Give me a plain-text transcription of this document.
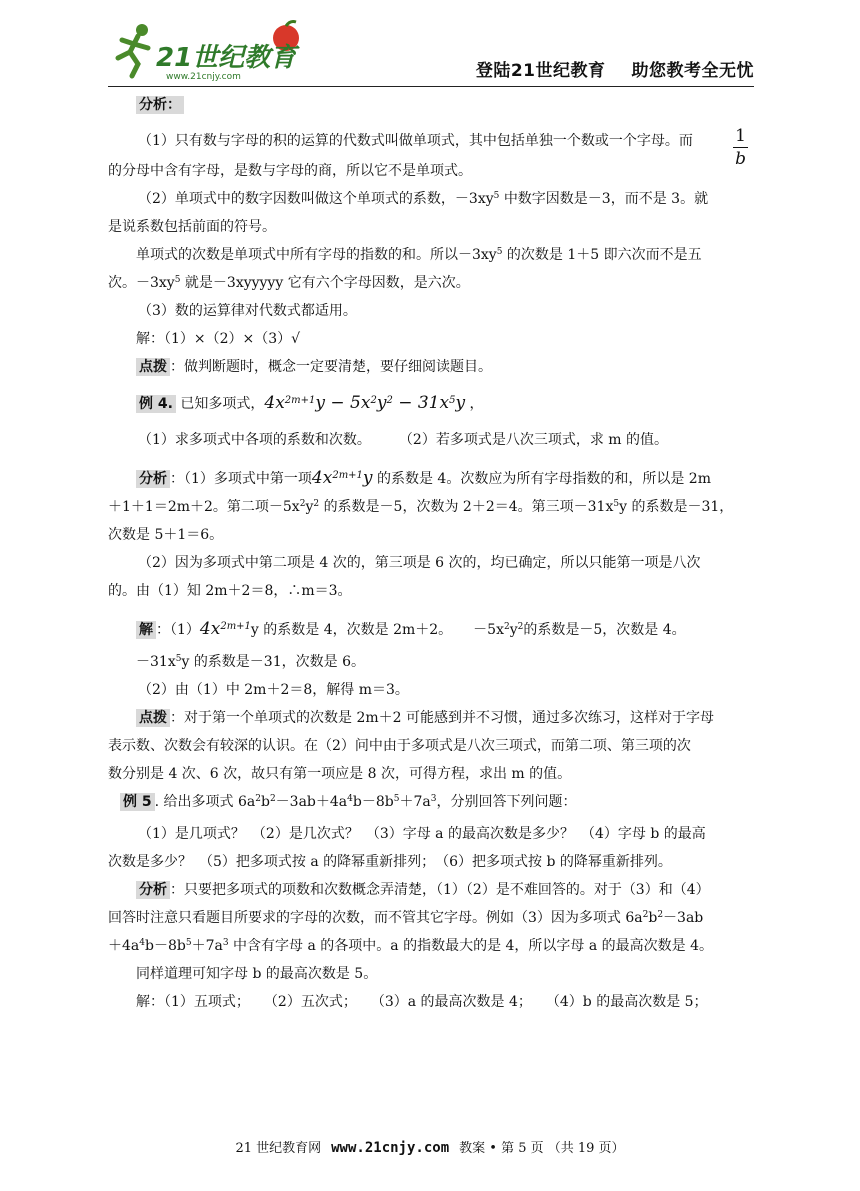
21世纪教育
www.21cnjy.com	登陆21世纪教育 助您教考全无忧

分析：

（1）只有数与字母的积的运算的代数式叫做单项式，其中包括单独一个数或一个字母。而 $\frac{1}{b}$

的分母中含有字母，是数与字母的商，所以它不是单项式。

（2）单项式中的数字因数叫做这个单项式的系数，$-3xy^5$ 中数字因数是－3，而不是 3。就

是说系数包括前面的符号。

单项式的次数是单项式中所有字母的指数的和。所以$-3xy^5$ 的次数是 1＋5 即六次而不是五

次。$-3xy^5$ 就是－3xyyyyy 它有六个字母因数，是六次。

（3）数的运算律对代数式都适用。

解：（1）×（2）×（3）√

点拨 ：做判断题时，概念一定要清楚，要仔细阅读题目。

例 4. 已知多项式，$4x^{2m+1}y - 5x^2y^2 - 31x^5y$ ，

（1）求多项式中各项的系数和次数。　　　（2）若多项式是八次三项式，求 m 的值。

分析 ：（1）多项式中第一项$4x^{2m+1}y$ 的系数是 4。次数应为所有字母指数的和，所以是 2m

＋1＋1＝2m＋2。第二项$-5x^2y^2$ 的系数是－5，次数为 2＋2＝4。第三项$-31x^5y$ 的系数是－31，

次数是 5＋1＝6。

（2）因为多项式中第二项是 4 次的，第三项是 6 次的，均已确定，所以只能第一项是八次

的。由（1）知 2m＋2＝8，∴m＝3。

解 ：$(1)4x^{2m+1}y$ 的系数是 4，次数是 2m＋2。　　$-5x^2y^2$的系数是－5，次数是 4。

$-31x^5y$ 的系数是－31，次数是 6。

（2）由（1）中 2m＋2＝8，解得 m＝3。

点拨 ：对于第一个单项式的次数是 2m＋2 可能感到并不习惯，通过多次练习，这样对于字母

表示数、次数会有较深的认识。在（2）问中由于多项式是八次三项式，而第二项、第三项的次

数分别是 4 次、6 次，故只有第一项应是 8 次，可得方程，求出 m 的值。

例 5 . 给出多项式 $6a^2b^2-3ab+4a^4b-8b^5+7a^3$，分别回答下列问题：

（1）是几项式？　（2）是几次式？　（3）字母 a 的最高次数是多少？　（4）字母 b 的最高

次数是多少？　（5）把多项式按 a 的降幂重新排列；　（6）把多项式按 b 的降幂重新排列。

分析 ：只要把多项式的项数和次数概念弄清楚，（1）（2）是不难回答的。对于（3）和（4）

回答时注意只看题目所要求的字母的次数，而不管其它字母。例如（3）因为多项式 $6a^2b^2-3ab$

$+4a^4b-8b^5+7a^3$ 中含有字母 a 的各项中。a 的指数最大的是 4，所以字母 a 的最高次数是 4。

同样道理可知字母 b 的最高次数是 5。

解：（1）五项式；　　（2）五次式；　　（3）a 的最高次数是 4；　　（4）b 的最高次数是 5；

21 世纪教育网 www.21cnjy.com 教案 • 第 5 页 （共 19 页）
